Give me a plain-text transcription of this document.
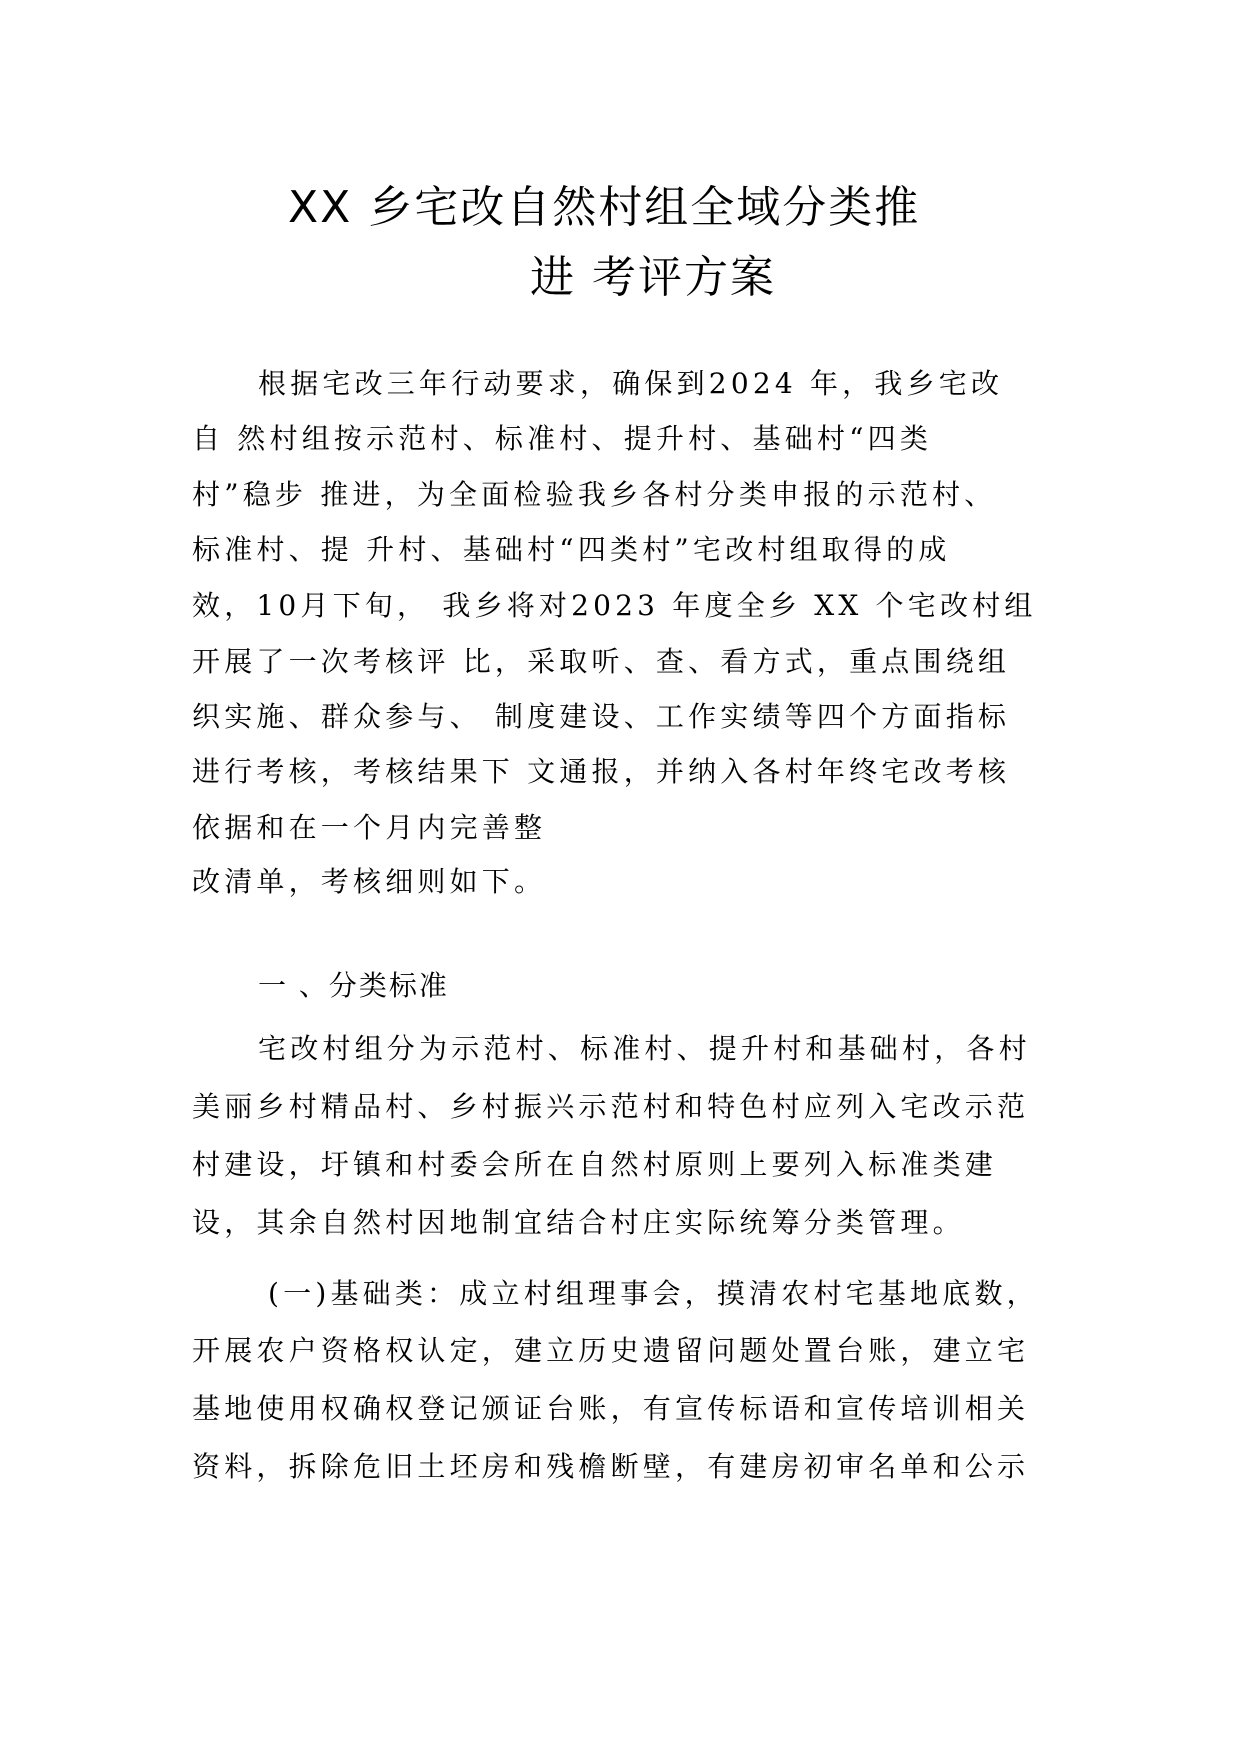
XX 乡宅改自然村组全域分类推
进 考评方案
根据宅改三年行动要求，确保到2024 年，我乡宅改
自 然村组按示范村、标准村、提升村、基础村“四类
村”稳步 推进，为全面检验我乡各村分类申报的示范村、
标准村、提 升村、基础村“四类村”宅改村组取得的成
效，10月下旬， 我乡将对2023 年度全乡 XX 个宅改村组
开展了一次考核评 比，采取听、查、看方式，重点围绕组
织实施、群众参与、 制度建设、工作实绩等四个方面指标
进行考核，考核结果下 文通报，并纳入各村年终宅改考核
依据和在一个月内完善整
改清单，考核细则如下。
一 、分类标准
宅改村组分为示范村、标准村、提升村和基础村，各村
美丽乡村精品村、乡村振兴示范村和特色村应列入宅改示范
村建设，圩镇和村委会所在自然村原则上要列入标准类建
设，其余自然村因地制宜结合村庄实际统筹分类管理。
(一)基础类：成立村组理事会，摸清农村宅基地底数，
开展农户资格权认定，建立历史遗留问题处置台账，建立宅
基地使用权确权登记颁证台账，有宣传标语和宣传培训相关
资料，拆除危旧土坯房和残檐断壁，有建房初审名单和公示
